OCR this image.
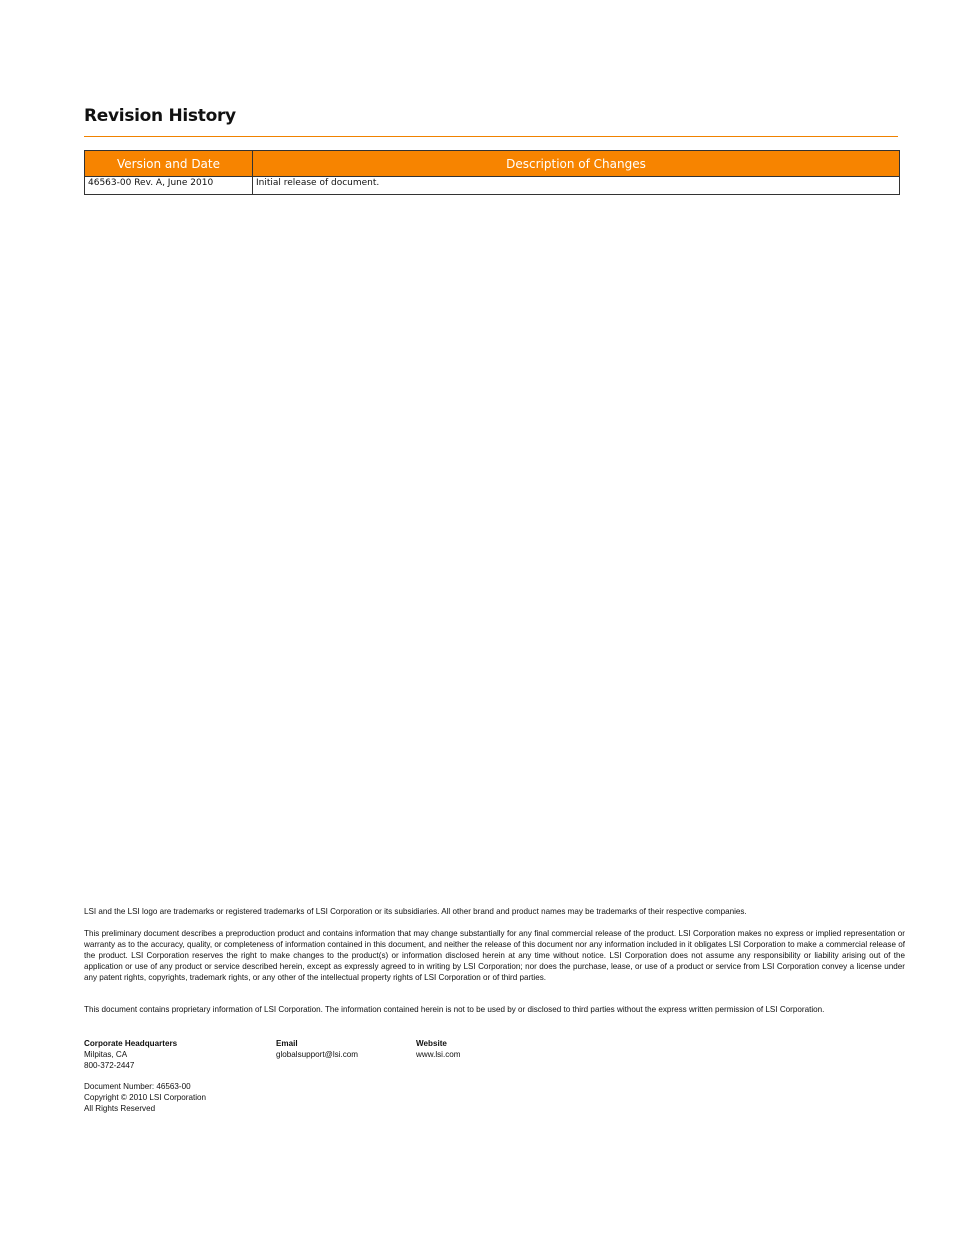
Revision History
Version and Date	Description of Changes
46563-00 Rev. A, June 2010	Initial release of document.

LSI and the LSI logo are trademarks or registered trademarks of LSI Corporation or its subsidiaries. All other brand and product names may be trademarks of their respective companies.

This preliminary document describes a preproduction product and contains information that may change substantially for any final commercial release of the product. LSI Corporation makes no express or implied representation or warranty as to the accuracy, quality, or completeness of information contained in this document, and neither the release of this document nor any information included in it obligates LSI Corporation to make a commercial release of the product. LSI Corporation reserves the right to make changes to the product(s) or information disclosed herein at any time without notice. LSI Corporation does not assume any responsibility or liability arising out of the application or use of any product or service described herein, except as expressly agreed to in writing by LSI Corporation; nor does the purchase, lease, or use of a product or service from LSI Corporation convey a license under any patent rights, copyrights, trademark rights, or any other of the intellectual property rights of LSI Corporation or of third parties.

This document contains proprietary information of LSI Corporation. The information contained herein is not to be used by or disclosed to third parties without the express written permission of LSI Corporation.

Corporate Headquarters
Milpitas, CA
800-372-2447
Email
globalsupport@lsi.com
Website
www.lsi.com
Document Number: 46563-00
Copyright © 2010 LSI Corporation
All Rights Reserved
